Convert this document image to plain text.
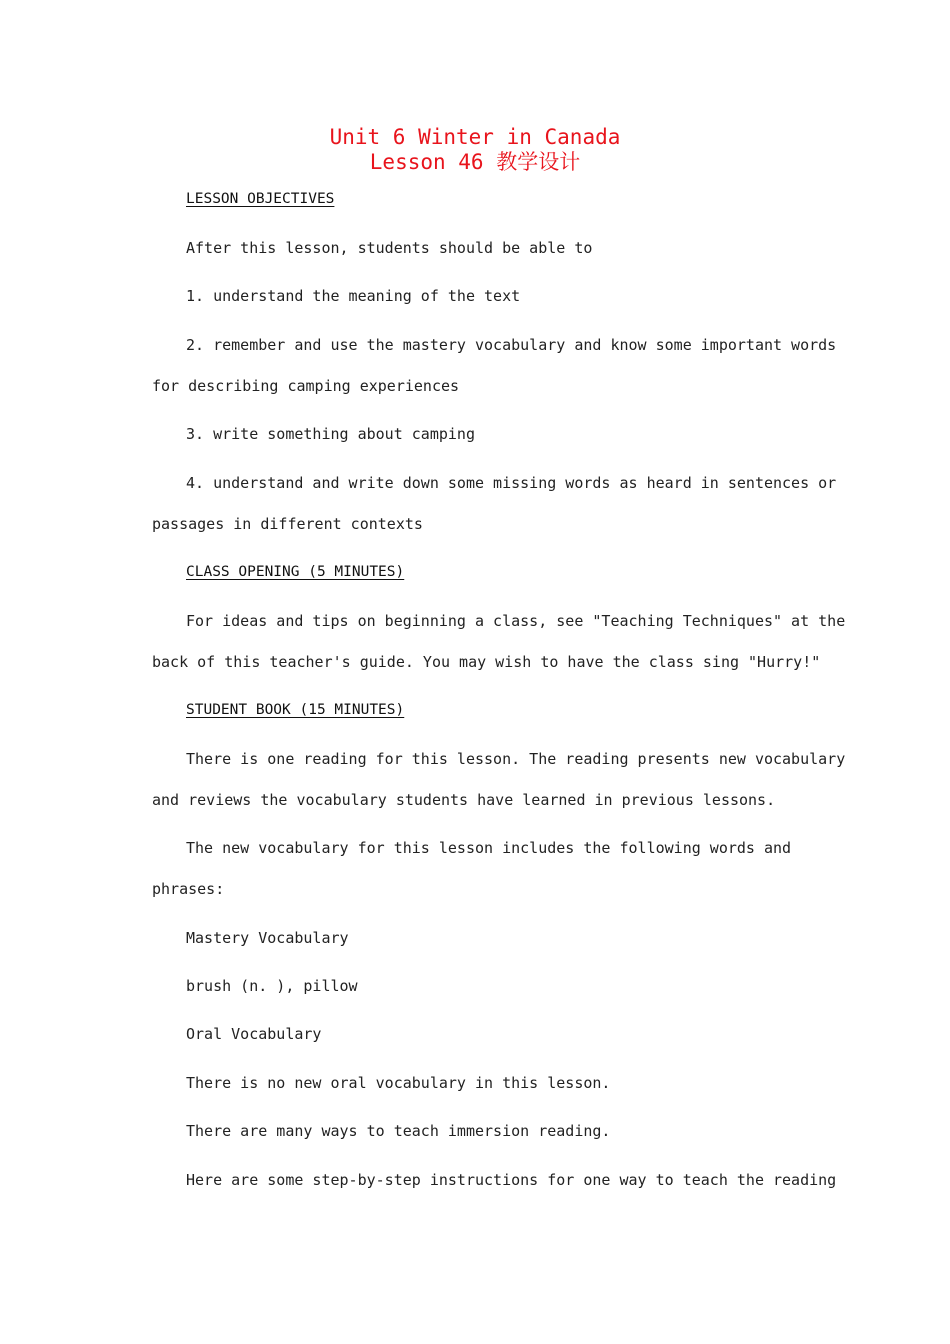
Unit 6 Winter in Canada
Lesson 46 教学设计
LESSON OBJECTIVES
After this lesson, students should be able to
1. understand the meaning of the text
2. remember and use the mastery vocabulary and know some important words
for describing camping experiences
3. write something about camping
4. understand and write down some missing words as heard in sentences or
passages in different contexts
CLASS OPENING (5 MINUTES)
For ideas and tips on beginning a class, see "Teaching Techniques" at the
back of this teacher's guide. You may wish to have the class sing "Hurry!"
STUDENT BOOK (15 MINUTES)
There is one reading for this lesson. The reading presents new vocabulary
and reviews the vocabulary students have learned in previous lessons.
The new vocabulary for this lesson includes the following words and
phrases:
Mastery Vocabulary
brush (n. ), pillow
Oral Vocabulary
There is no new oral vocabulary in this lesson.
There are many ways to teach immersion reading.
Here are some step-by-step instructions for one way to teach the reading
